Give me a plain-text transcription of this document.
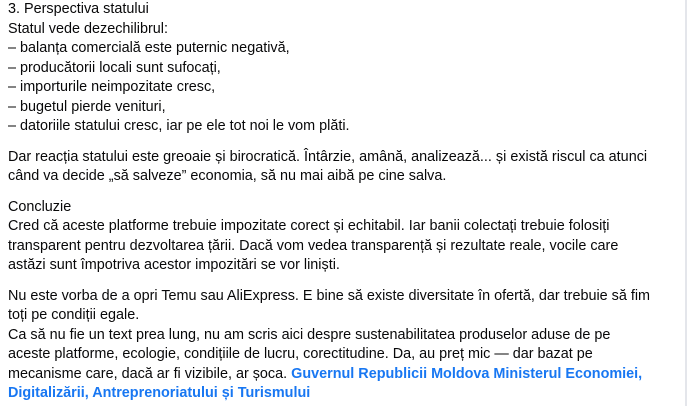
3. Perspectiva statului
Statul vede dezechilibrul:
– balanța comercială este puternic negativă,
– producătorii locali sunt sufocați,
– importurile neimpozitate cresc,
– bugetul pierde venituri,
– datoriile statului cresc, iar pe ele tot noi le vom plăti.
Dar reacția statului este greoaie și birocratică. Întârzie, amână, analizează... și există riscul ca atunci
când va decide „să salveze” economia, să nu mai aibă pe cine salva.
Concluzie
Cred că aceste platforme trebuie impozitate corect și echitabil. Iar banii colectați trebuie folosiți
transparent pentru dezvoltarea țării. Dacă vom vedea transparență și rezultate reale, vocile care
astăzi sunt împotriva acestor impozitări se vor liniști.
Nu este vorba de a opri Temu sau AliExpress. E bine să existe diversitate în ofertă, dar trebuie să fim
toți pe condiții egale.
Ca să nu fie un text prea lung, nu am scris aici despre sustenabilitatea produselor aduse de pe
aceste platforme, ecologie, condițiile de lucru, corectitudine. Da, au preț mic — dar bazat pe
mecanisme care, dacă ar fi vizibile, ar șoca. Guvernul Republicii Moldova Ministerul Economiei,
Digitalizării, Antreprenoriatului și Turismului
